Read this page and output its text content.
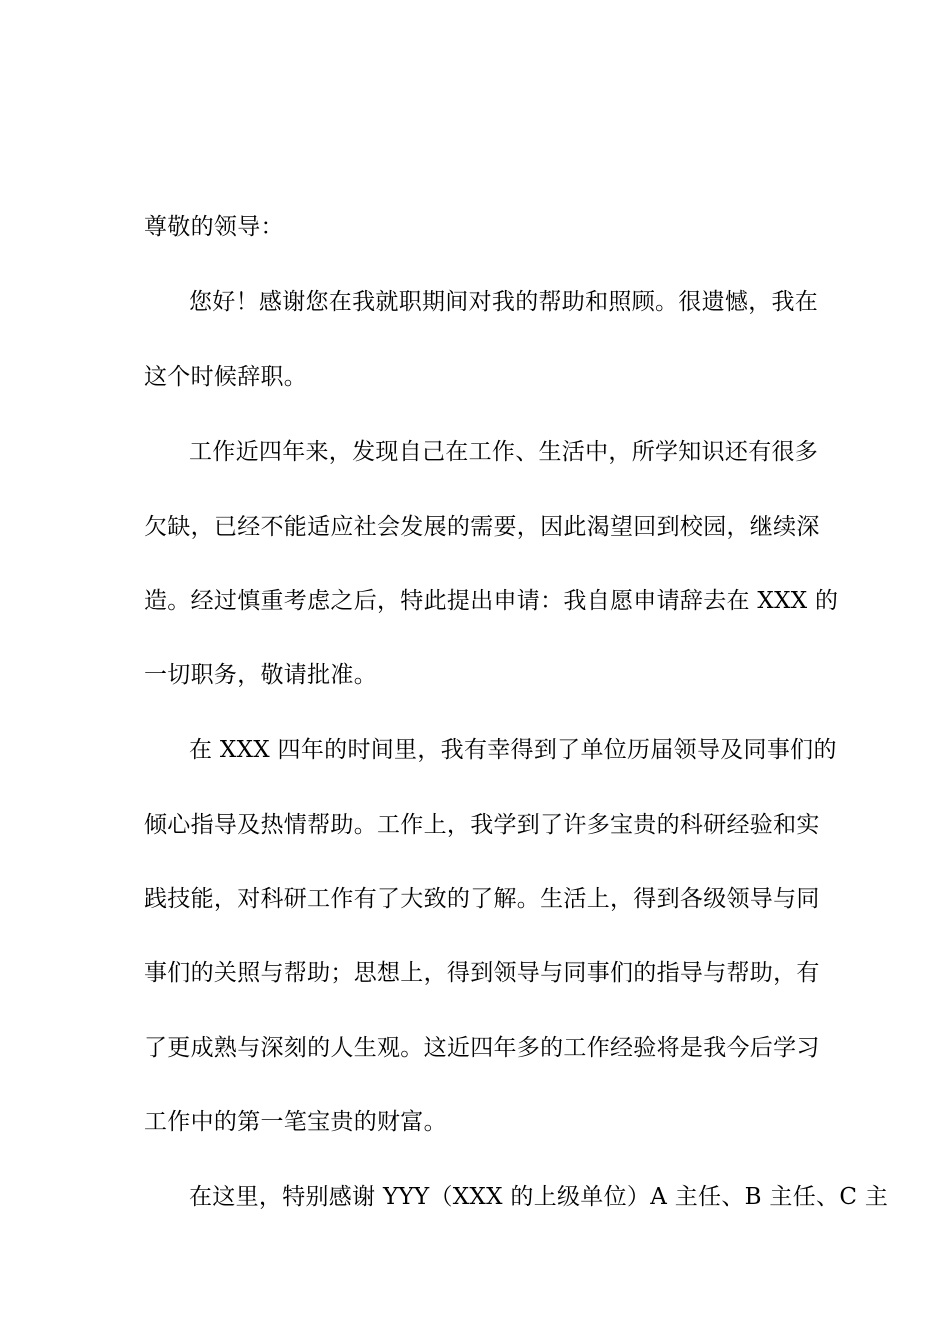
尊敬的领导：
您好！感谢您在我就职期间对我的帮助和照顾。很遗憾，我在
这个时候辞职。
工作近四年来，发现自己在工作、生活中，所学知识还有很多
欠缺，已经不能适应社会发展的需要，因此渴望回到校园，继续深
造。经过慎重考虑之后，特此提出申请：我自愿申请辞去在 XXX 的
一切职务，敬请批准。
在 XXX 四年的时间里，我有幸得到了单位历届领导及同事们的
倾心指导及热情帮助。工作上，我学到了许多宝贵的科研经验和实
践技能，对科研工作有了大致的了解。生活上，得到各级领导与同
事们的关照与帮助；思想上，得到领导与同事们的指导与帮助，有
了更成熟与深刻的人生观。这近四年多的工作经验将是我今后学习
工作中的第一笔宝贵的财富。
在这里，特别感谢 YYY（XXX 的上级单位）A 主任、B 主任、C 主
